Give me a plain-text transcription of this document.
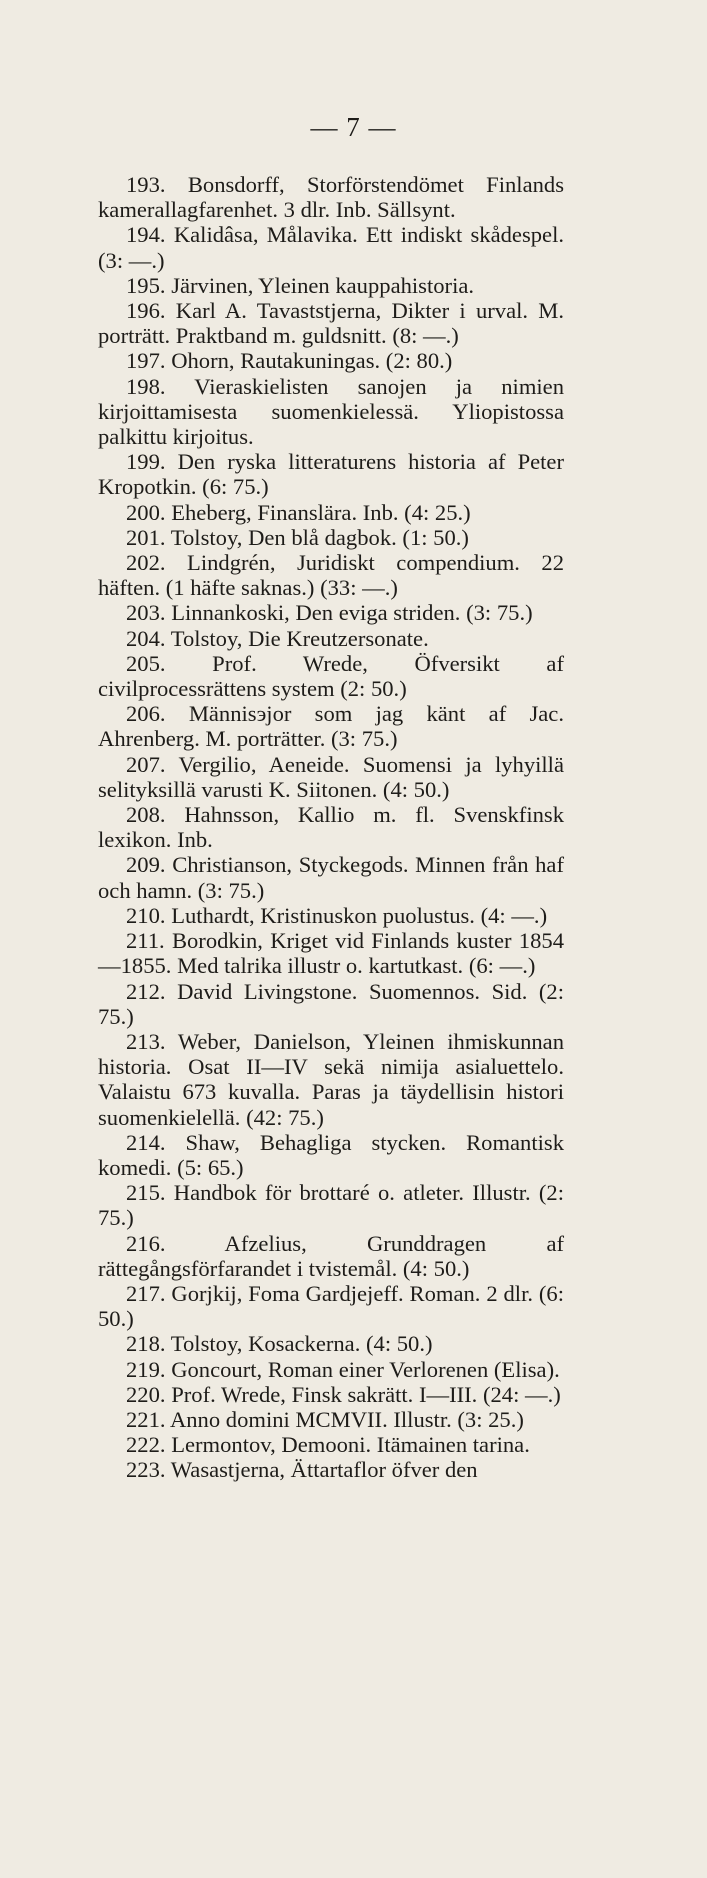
— 7 —

193. Bonsdorff, Storförstendömet Finlands kamerallagfarenhet. 3 dlr. Inb. Sällsynt.

194. Kalidâsa, Målavika. Ett indiskt skådespel. (3: —.)

195. Järvinen, Yleinen kauppahistoria.

196. Karl A. Tavaststjerna, Dikter i urval. M. porträtt. Praktband m. guldsnitt. (8: —.)

197. Ohorn, Rautakuningas. (2: 80.)

198. Vieraskielisten sanojen ja nimien kirjoittamisesta suomenkielessä. Yliopistossa palkittu kirjoitus.

199. Den ryska litteraturens historia af Peter Kropotkin. (6: 75.)

200. Eheberg, Finanslära. Inb. (4: 25.)

201. Tolstoy, Den blå dagbok. (1: 50.)

202. Lindgrén, Juridiskt compendium. 22 häften. (1 häfte saknas.) (33: —.)

203. Linnankoski, Den eviga striden. (3: 75.)

204. Tolstoy, Die Kreutzersonate.

205. Prof. Wrede, Öfversikt af civilprocessrättens system (2: 50.)

206. Männisэjor som jag känt af Jac. Ahrenberg. M. porträtter. (3: 75.)

207. Vergilio, Aeneide. Suomensi ja lyhyillä selityksillä varusti K. Siitonen. (4: 50.)

208. Hahnsson, Kallio m. fl. Svenskfinsk lexikon. Inb.

209. Christianson, Styckegods. Minnen från haf och hamn. (3: 75.)

210. Luthardt, Kristinuskon puolustus. (4: —.)

211. Borodkin, Kriget vid Finlands kuster 1854—1855. Med talrika illustr o. kartutkast. (6: —.)

212. David Livingstone. Suomennos. Sid. (2: 75.)

213. Weber, Danielson, Yleinen ihmiskunnan historia. Osat II—IV sekä nimija asialuettelo. Valaistu 673 kuvalla. Paras ja täydellisin histori suomenkielellä. (42: 75.)

214. Shaw, Behagliga stycken. Romantisk komedi. (5: 65.)

215. Handbok för brottaré o. atleter. Illustr. (2: 75.)

216. Afzelius, Grunddragen af rättegångsförfarandet i tvistemål. (4: 50.)

217. Gorjkij, Foma Gardjejeff. Roman. 2 dlr. (6: 50.)

218. Tolstoy, Kosackerna. (4: 50.)

219. Goncourt, Roman einer Verlorenen (Elisa).

220. Prof. Wrede, Finsk sakrätt. I—III. (24: —.)

221. Anno domini MCMVII. Illustr. (3: 25.)

222. Lermontov, Demooni. Itämainen tarina.

223. Wasastjerna, Ättartaflor öfver den
